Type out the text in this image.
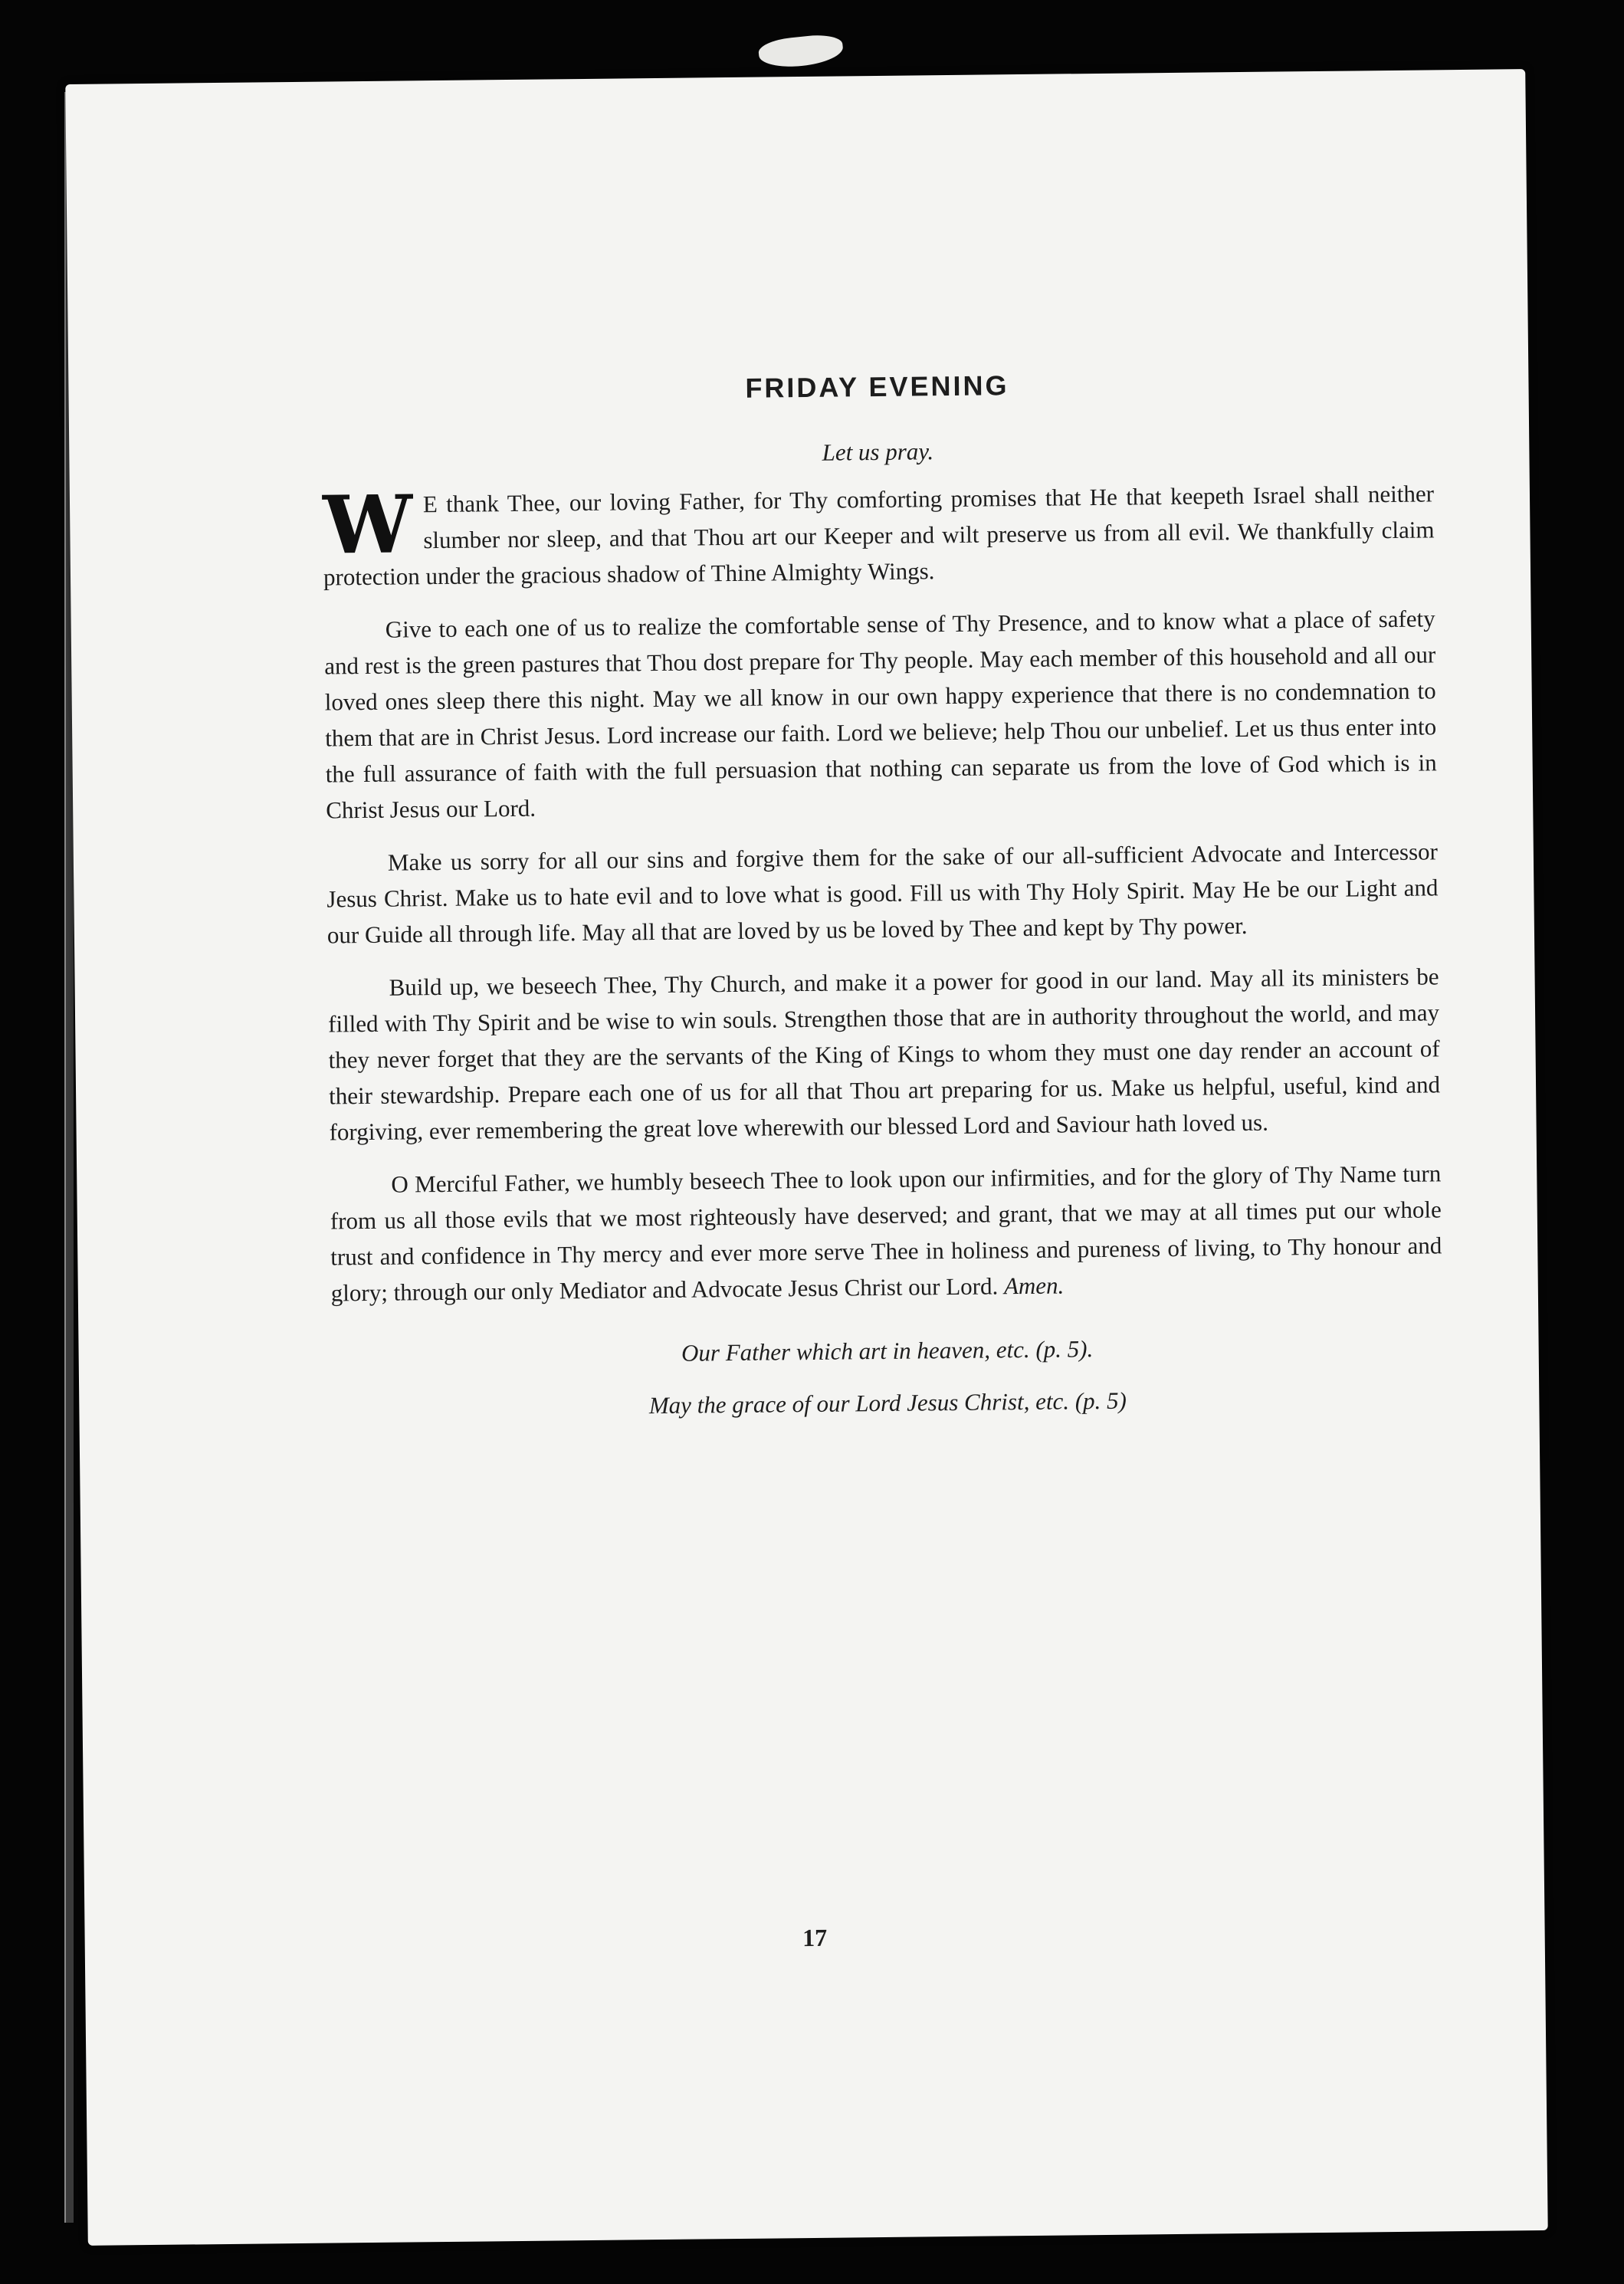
FRIDAY EVENING
Let us pray.

W E thank Thee, our loving Father, for Thy comforting promises that He that keepeth Israel shall neither slumber nor sleep, and that Thou art our Keeper and wilt preserve us from all evil. We thankfully claim protection under the gracious shadow of Thine Almighty Wings.

Give to each one of us to realize the comfortable sense of Thy Presence, and to know what a place of safety and rest is the green pastures that Thou dost prepare for Thy people. May each member of this household and all our loved ones sleep there this night. May we all know in our own happy experience that there is no condemnation to them that are in Christ Jesus. Lord increase our faith. Lord we believe; help Thou our unbelief. Let us thus enter into the full assurance of faith with the full persuasion that nothing can separate us from the love of God which is in Christ Jesus our Lord.

Make us sorry for all our sins and forgive them for the sake of our all-sufficient Advocate and Intercessor Jesus Christ. Make us to hate evil and to love what is good. Fill us with Thy Holy Spirit. May He be our Light and our Guide all through life. May all that are loved by us be loved by Thee and kept by Thy power.

Build up, we beseech Thee, Thy Church, and make it a power for good in our land. May all its ministers be filled with Thy Spirit and be wise to win souls. Strengthen those that are in authority throughout the world, and may they never forget that they are the servants of the King of Kings to whom they must one day render an account of their stewardship. Prepare each one of us for all that Thou art preparing for us. Make us helpful, useful, kind and forgiving, ever remembering the great love wherewith our blessed Lord and Saviour hath loved us.

O Merciful Father, we humbly beseech Thee to look upon our infirmities, and for the glory of Thy Name turn from us all those evils that we most righteously have deserved; and grant, that we may at all times put our whole trust and confidence in Thy mercy and ever more serve Thee in holiness and pureness of living, to Thy honour and glory; through our only Mediator and Advocate Jesus Christ our Lord. Amen.

Our Father which art in heaven, etc. (p. 5).
May the grace of our Lord Jesus Christ, etc. (p. 5)
17
